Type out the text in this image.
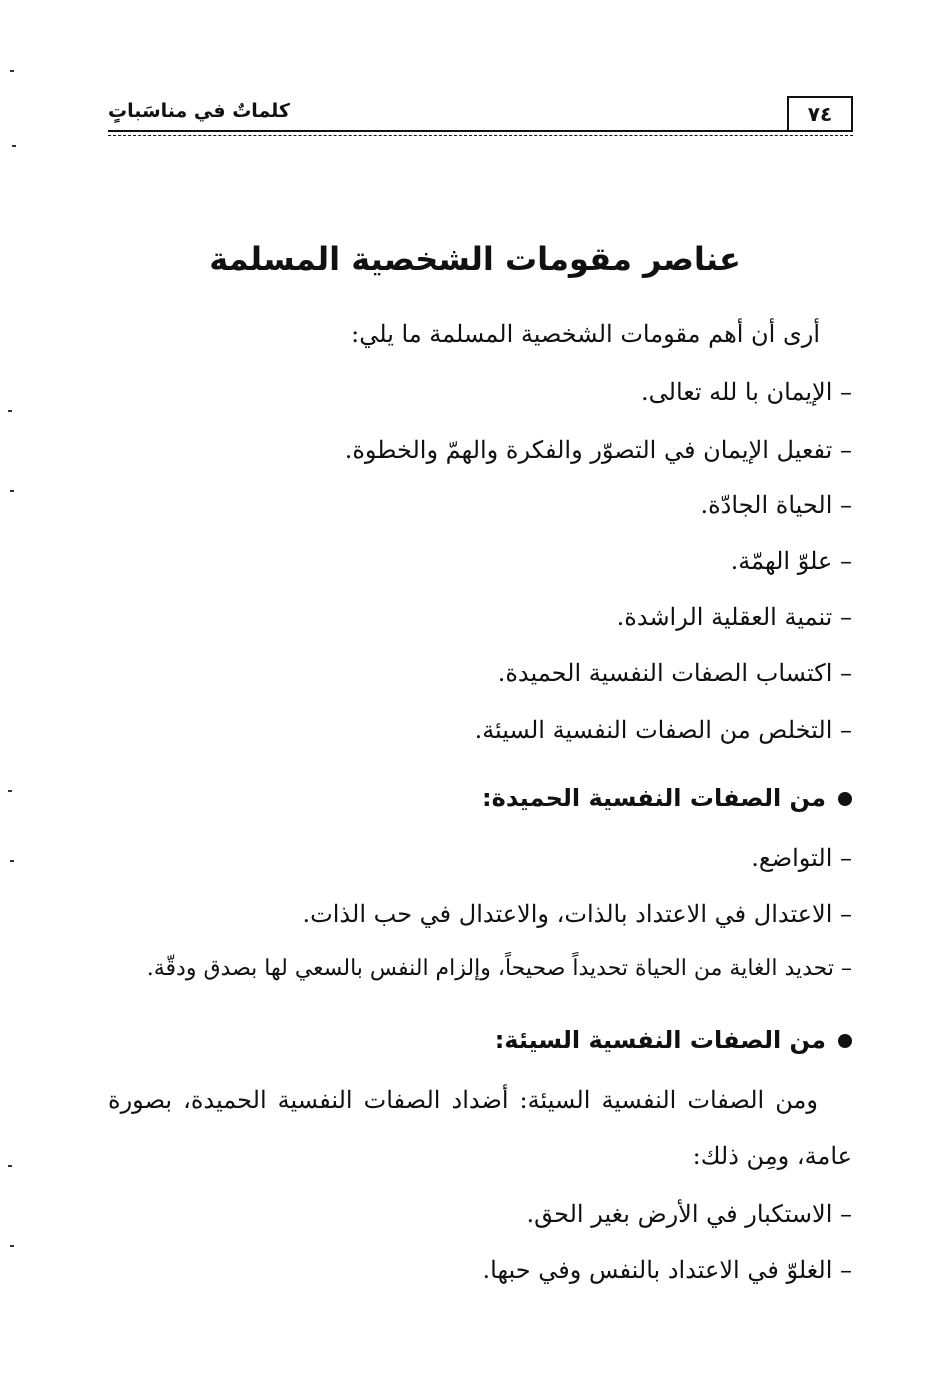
كلماتٌ في مناسَباتٍ	٧٤
عناصر مقومات الشخصية المسلمة
أرى أن أهم مقومات الشخصية المسلمة ما يلي:
– الإيمان با لله تعالى.
– تفعيل الإيمان في التصوّر والفكرة والهمّ والخطوة.
– الحياة الجادّة.
– علوّ الهمّة.
– تنمية العقلية الراشدة.
– اكتساب الصفات النفسية الحميدة.
– التخلص من الصفات النفسية السيئة.
من الصفات النفسية الحميدة:
– التواضع.
– الاعتدال في الاعتداد بالذات، والاعتدال في حب الذات.
– تحديد الغاية من الحياة تحديداً صحيحاً، وإلزام النفس بالسعي لها بصدق ودقّة.
من الصفات النفسية السيئة:
ومن الصفات النفسية السيئة: أضداد الصفات النفسية الحميدة، بصورة
عامة، ومِن ذلك:
– الاستكبار في الأرض بغير الحق.
– الغلوّ في الاعتداد بالنفس وفي حبها.
